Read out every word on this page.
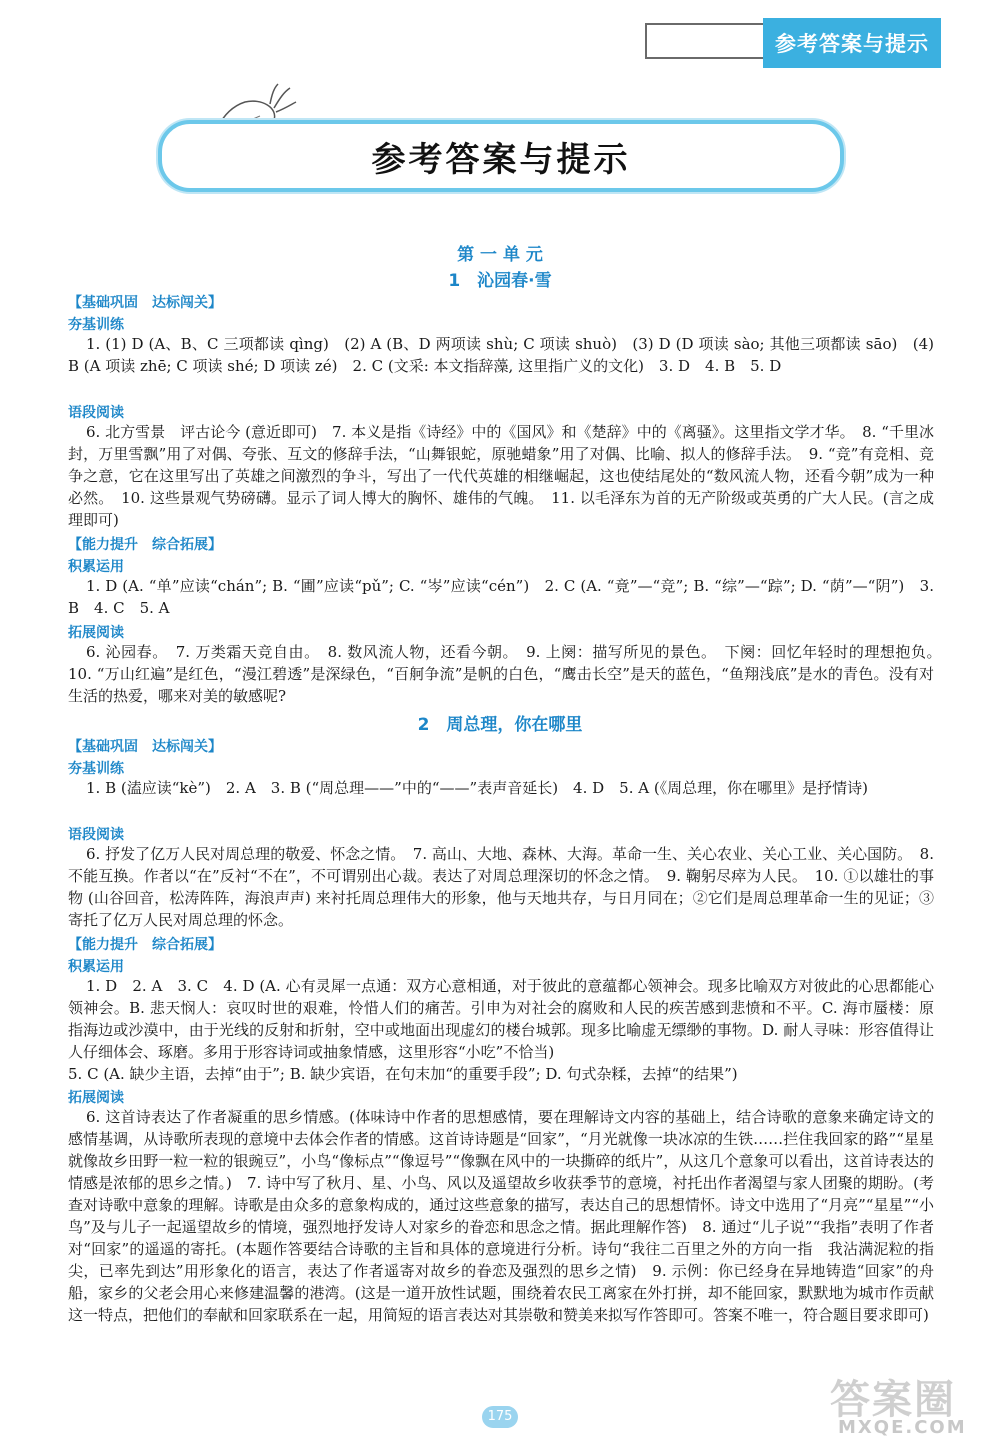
参考答案与提示
参考答案与提示
第 一 单 元
1　沁园春·雪
【基础巩固　达标闯关】
夯基训练
1. (1) D (A、B、C 三项都读 qìng)　(2) A (B、D 两项读 shù; C 项读 shuò)　(3) D (D 项读 sào; 其他三项都读 sāo)　(4) B (A 项读 zhē; C 项读 shé; D 项读 zé)　2. C (文采: 本文指辞藻, 这里指广义的文化)　3. D　4. B　5. D
语段阅读
6. 北方雪景　评古论今 (意近即可)　7. 本义是指《诗经》中的《国风》和《楚辞》中的《离骚》。这里指文学才华。　8. “千里冰封，万里雪飘”用了对偶、夸张、互文的修辞手法，“山舞银蛇，原驰蜡象”用了对偶、比喻、拟人的修辞手法。　9. “竞”有竞相、竞争之意，它在这里写出了英雄之间激烈的争斗，写出了一代代英雄的相继崛起，这也使结尾处的“数风流人物，还看今朝”成为一种必然。　10. 这些景观气势磅礴。显示了词人博大的胸怀、雄伟的气魄。　11. 以毛泽东为首的无产阶级或英勇的广大人民。(言之成理即可)
【能力提升　综合拓展】
积累运用
1. D (A. “单”应读“chán”; B. “圃”应读“pǔ”; C. “岑”应读“cén”)　2. C (A. “竟”—“竞”; B. “综”—“踪”; D. “荫”—“阴”)　3. B　4. C　5. A
拓展阅读
6. 沁园春。　7. 万类霜天竞自由。　8. 数风流人物，还看今朝。　9. 上阕：描写所见的景色。　下阕：回忆年轻时的理想抱负。　10. “万山红遍”是红色，“漫江碧透”是深绿色，“百舸争流”是帆的白色，“鹰击长空”是天的蓝色，“鱼翔浅底”是水的青色。没有对生活的热爱，哪来对美的敏感呢?
2　周总理，你在哪里
【基础巩固　达标闯关】
夯基训练
1. B (溘应读“kè”)　2. A　3. B (“周总理——”中的“——”表声音延长)　4. D　5. A (《周总理，你在哪里》是抒情诗)
语段阅读
6. 抒发了亿万人民对周总理的敬爱、怀念之情。　7. 高山、大地、森林、大海。革命一生、关心农业、关心工业、关心国防。　8. 不能互换。作者以“在”反衬“不在”，不可谓别出心裁。表达了对周总理深切的怀念之情。　9. 鞠躬尽瘁为人民。　10. ①以雄壮的事物 (山谷回音，松涛阵阵，海浪声声) 来衬托周总理伟大的形象，他与天地共存，与日月同在；②它们是周总理革命一生的见证；③寄托了亿万人民对周总理的怀念。
【能力提升　综合拓展】
积累运用
1. D　2. A　3. C　4. D (A. 心有灵犀一点通：双方心意相通，对于彼此的意蕴都心领神会。现多比喻双方对彼此的心思都能心领神会。B. 悲天悯人：哀叹时世的艰难，怜惜人们的痛苦。引申为对社会的腐败和人民的疾苦感到悲愤和不平。C. 海市蜃楼：原指海边或沙漠中，由于光线的反射和折射，空中或地面出现虚幻的楼台城郭。现多比喻虚无缥缈的事物。D. 耐人寻味：形容值得让人仔细体会、琢磨。多用于形容诗词或抽象情感，这里形容“小吃”不恰当)
5. C (A. 缺少主语，去掉“由于”; B. 缺少宾语，在句末加“的重要手段”; D. 句式杂糅，去掉“的结果”)
拓展阅读
6. 这首诗表达了作者凝重的思乡情感。(体味诗中作者的思想感情，要在理解诗文内容的基础上，结合诗歌的意象来确定诗文的感情基调，从诗歌所表现的意境中去体会作者的情感。这首诗诗题是“回家”，“月光就像一块冰凉的生铁……拦住我回家的路”“星星就像故乡田野一粒一粒的银豌豆”，小鸟“像标点”“像逗号”“像飘在风中的一块撕碎的纸片”，从这几个意象可以看出，这首诗表达的情感是浓郁的思乡之情。)　7. 诗中写了秋月、星、小鸟、风以及遥望故乡收获季节的意境，衬托出作者渴望与家人团聚的期盼。(考查对诗歌中意象的理解。诗歌是由众多的意象构成的，通过这些意象的描写，表达自己的思想情怀。诗文中选用了“月亮”“星星”“小鸟”及与儿子一起遥望故乡的情境，强烈地抒发诗人对家乡的眷恋和思念之情。据此理解作答)　8. 通过“儿子说”“我指”表明了作者对“回家”的遥遥的寄托。(本题作答要结合诗歌的主旨和具体的意境进行分析。诗句“我往二百里之外的方向一指　我沾满泥粒的指尖，已率先到达”用形象化的语言，表达了作者遥寄对故乡的眷恋及强烈的思乡之情)　9. 示例：你已经身在异地铸造“回家”的舟船，家乡的父老会用心来修建温馨的港湾。(这是一道开放性试题，围绕着农民工离家在外打拼，却不能回家，默默地为城市作贡献这一特点，把他们的奉献和回家联系在一起，用简短的语言表达对其崇敬和赞美来拟写作答即可。答案不唯一，符合题目要求即可)
175	答案圈
MXQE.COM
